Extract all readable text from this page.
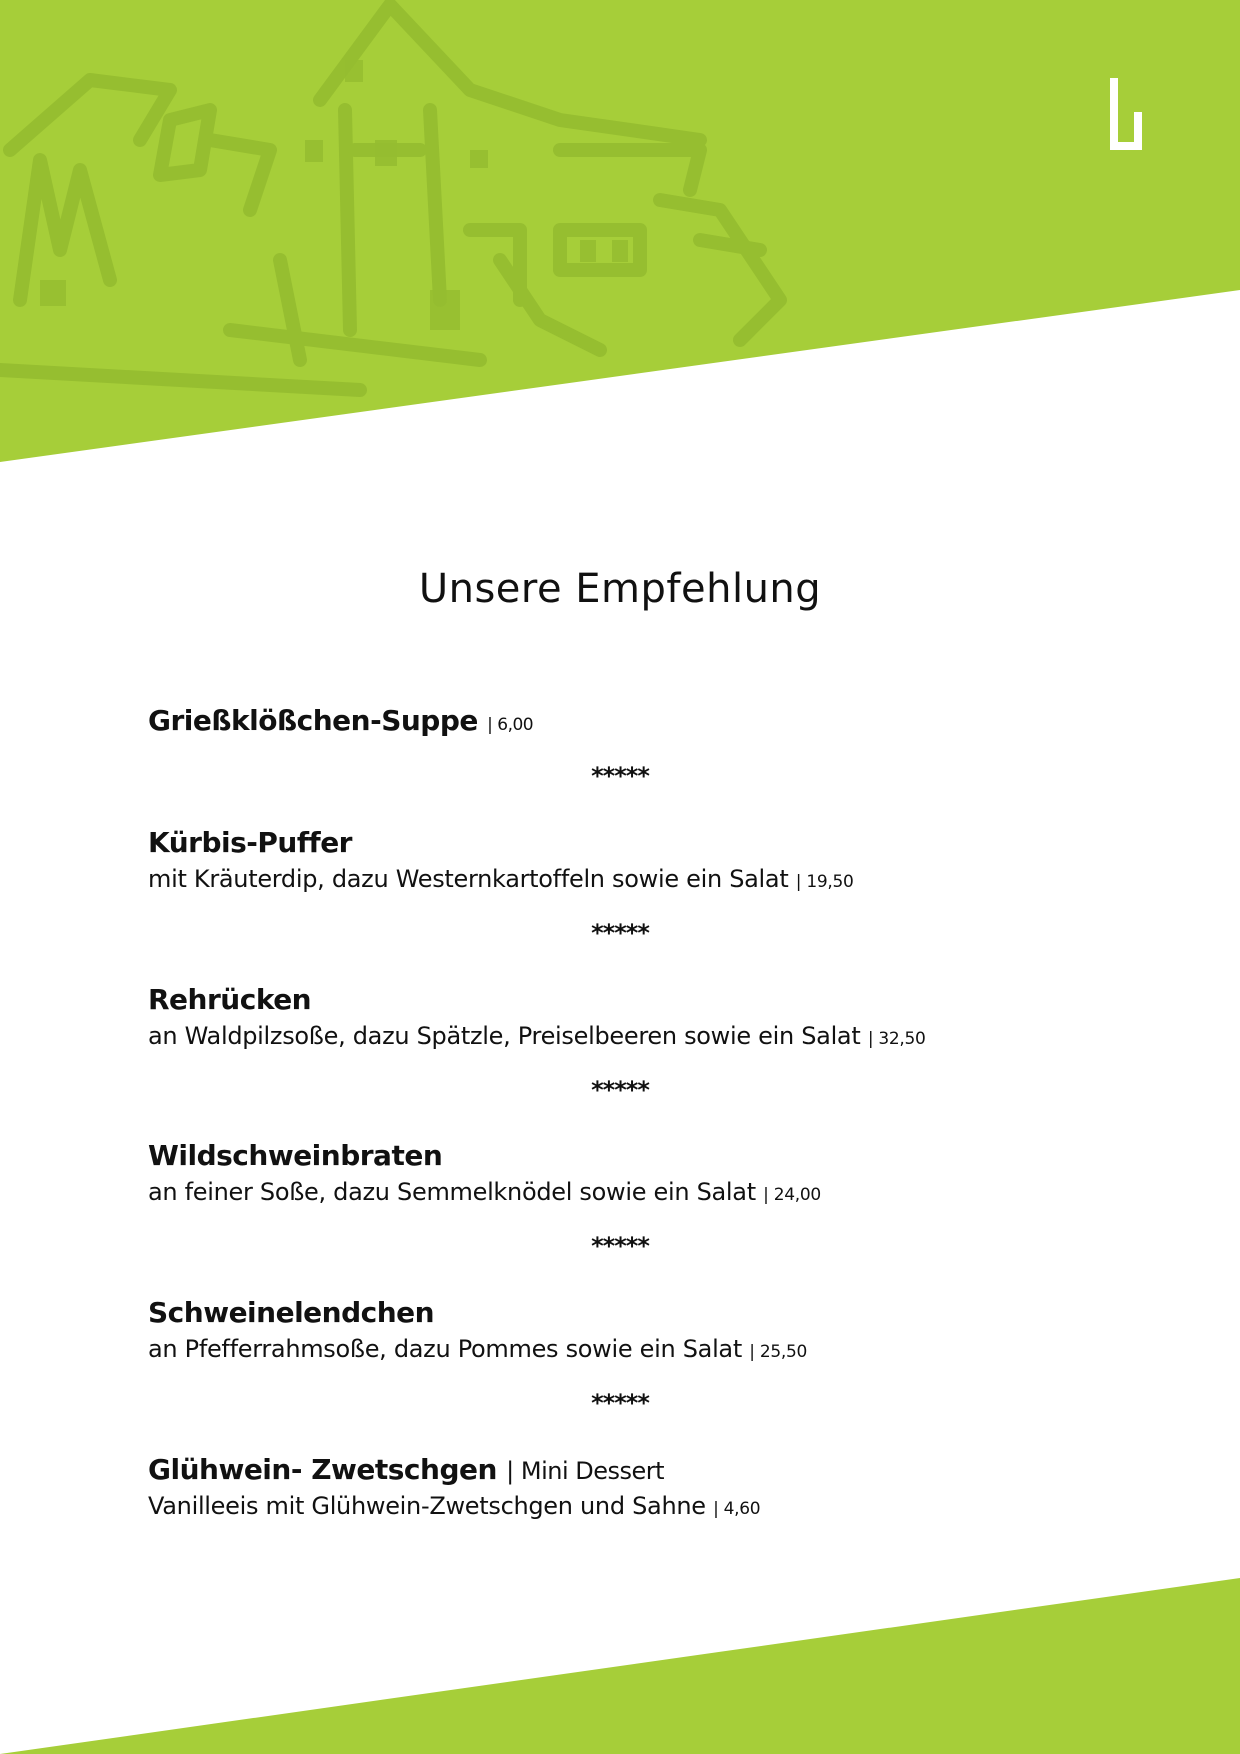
Unsere Empfehlung
Grießklößchen-Suppe | 6,00
*****
Kürbis-Puffer
mit Kräuterdip, dazu Westernkartoffeln sowie ein Salat | 19,50
*****
Rehrücken
an Waldpilzsoße, dazu Spätzle, Preiselbeeren sowie ein Salat | 32,50
*****
Wildschweinbraten
an feiner Soße, dazu Semmelknödel sowie ein Salat | 24,00
*****
Schweinelendchen
an Pfefferrahmsoße, dazu Pommes sowie ein Salat | 25,50
*****
Glühwein- Zwetschgen | Mini Dessert
Vanilleeis mit Glühwein-Zwetschgen und Sahne | 4,60
